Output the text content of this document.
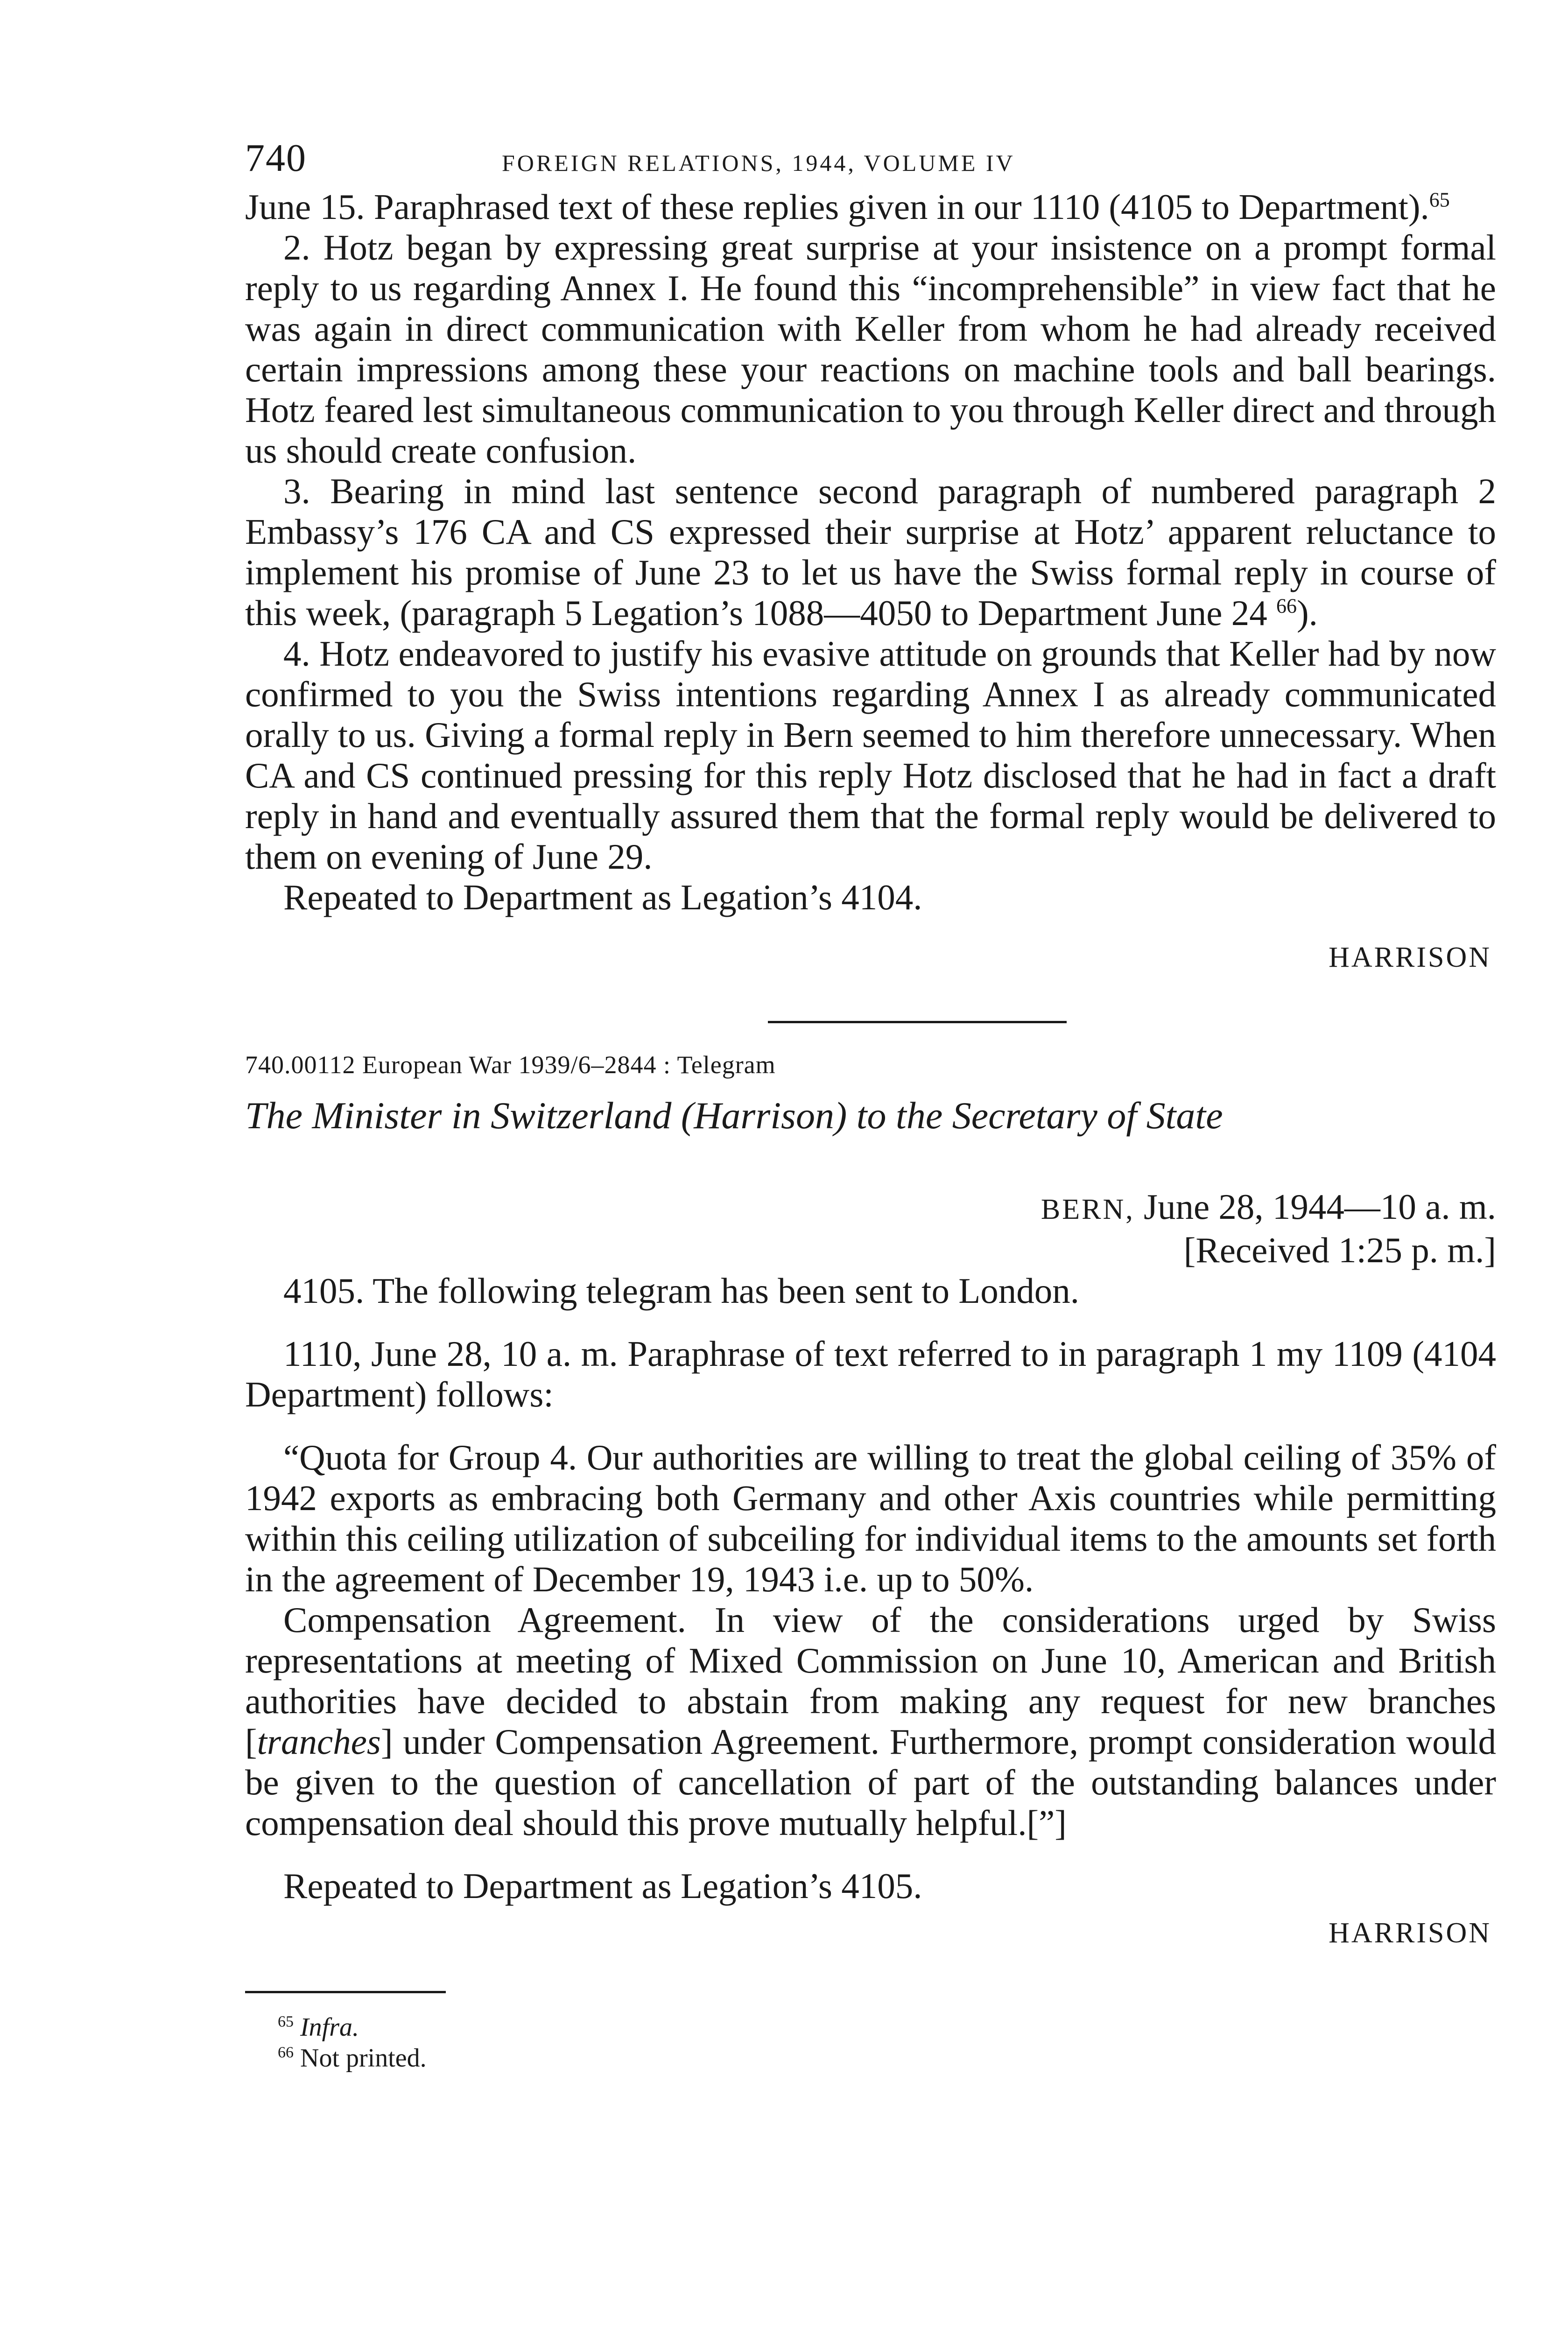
740	FOREIGN RELATIONS, 1944, VOLUME IV

June 15. Paraphrased text of these replies given in our 1110 (4105 to Department).$^{65}$

2. Hotz began by expressing great surprise at your insistence on a prompt formal reply to us regarding Annex I. He found this “incomprehensible” in view fact that he was again in direct communication with Keller from whom he had already received certain impressions among these your reactions on machine tools and ball bearings. Hotz feared lest simultaneous communication to you through Keller direct and through us should create confusion.

3. Bearing in mind last sentence second paragraph of numbered paragraph 2 Embassy’s 176 CA and CS expressed their surprise at Hotz’ apparent reluctance to implement his promise of June 23 to let us have the Swiss formal reply in course of this week, (paragraph 5 Legation’s 1088—4050 to Department June 24 $^{66}$).

4. Hotz endeavored to justify his evasive attitude on grounds that Keller had by now confirmed to you the Swiss intentions regarding Annex I as already communicated orally to us. Giving a formal reply in Bern seemed to him therefore unnecessary. When CA and CS continued pressing for this reply Hotz disclosed that he had in fact a draft reply in hand and eventually assured them that the formal reply would be delivered to them on evening of June 29.

Repeated to Department as Legation’s 4104.

HARRISON
740.00112 European War 1939/6–2844 : Telegram
The Minister in Switzerland (Harrison) to the Secretary of State
BERN, June 28, 1944—10 a. m.
[Received 1:25 p. m.]

4105. The following telegram has been sent to London.

1110, June 28, 10 a. m. Paraphrase of text referred to in paragraph 1 my 1109 (4104 Department) follows:

“Quota for Group 4. Our authorities are willing to treat the global ceiling of 35% of 1942 exports as embracing both Germany and other Axis countries while permitting within this ceiling utilization of subceiling for individual items to the amounts set forth in the agreement of December 19, 1943 i.e. up to 50%.

Compensation Agreement. In view of the considerations urged by Swiss representations at meeting of Mixed Commission on June 10, American and British authorities have decided to abstain from making any request for new branches [tranches] under Compensation Agreement. Furthermore, prompt consideration would be given to the question of cancellation of part of the outstanding balances under compensation deal should this prove mutually helpful.[”]

Repeated to Department as Legation’s 4105.

HARRISON
$^{65}$ Infra.
$^{66}$ Not printed.
